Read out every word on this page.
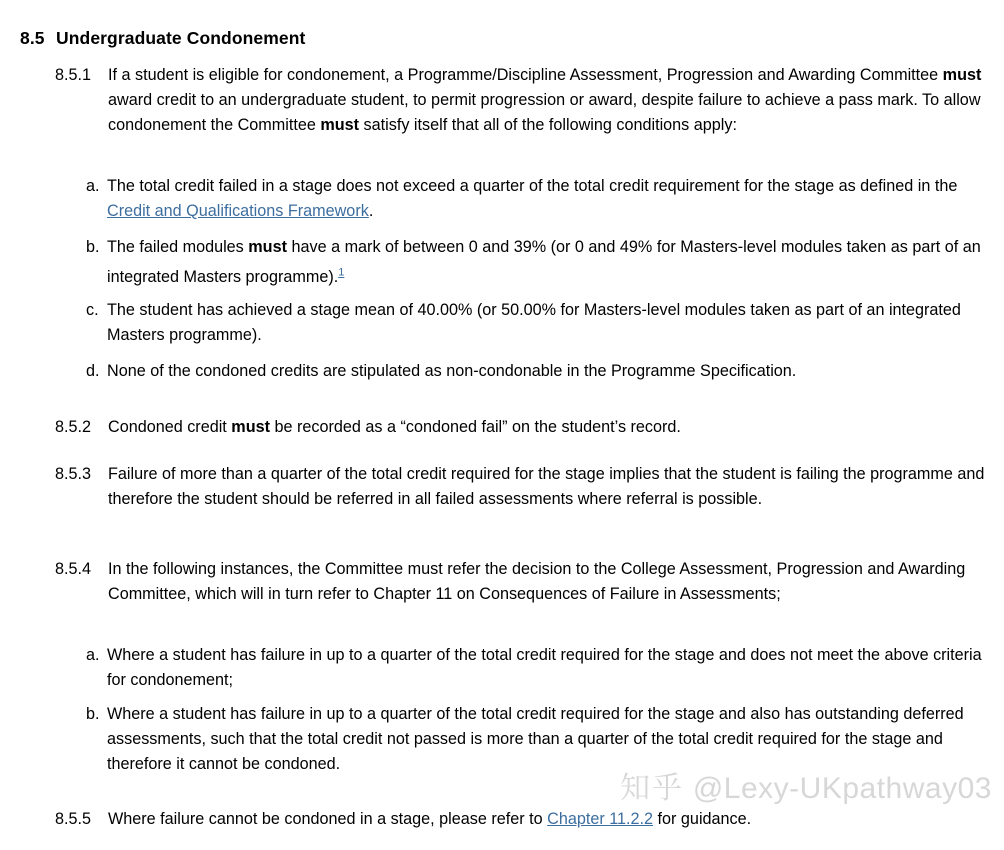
8.5 Undergraduate Condonement
8.5.1	If a student is eligible for condonement, a Programme/Discipline Assessment, Progression and Awarding Committee must award credit to an undergraduate student, to permit progression or award, despite failure to achieve a pass mark. To allow condonement the Committee must satisfy itself that all of the following conditions apply:
a. The total credit failed in a stage does not exceed a quarter of the total credit requirement for the stage as defined in the Credit and Qualifications Framework.
b. The failed modules must have a mark of between 0 and 39% (or 0 and 49% for Masters-level modules taken as part of an integrated Masters programme).$^1$
c. The student has achieved a stage mean of 40.00% (or 50.00% for Masters-level modules taken as part of an integrated Masters programme).
d. None of the condoned credits are stipulated as non-condonable in the Programme Specification.
8.5.2	Condoned credit must be recorded as a “condoned fail” on the student’s record.
8.5.3	Failure of more than a quarter of the total credit required for the stage implies that the student is failing the programme and therefore the student should be referred in all failed assessments where referral is possible.
8.5.4	In the following instances, the Committee must refer the decision to the College Assessment, Progression and Awarding Committee, which will in turn refer to Chapter 11 on Consequences of Failure in Assessments;
a. Where a student has failure in up to a quarter of the total credit required for the stage and does not meet the above criteria for condonement;
b. Where a student has failure in up to a quarter of the total credit required for the stage and also has outstanding deferred assessments, such that the total credit not passed is more than a quarter of the total credit required for the stage and therefore it cannot be condoned.
8.5.5	Where failure cannot be condoned in a stage, please refer to Chapter 11.2.2 for guidance.
知乎 @Lexy-UKpathway03
